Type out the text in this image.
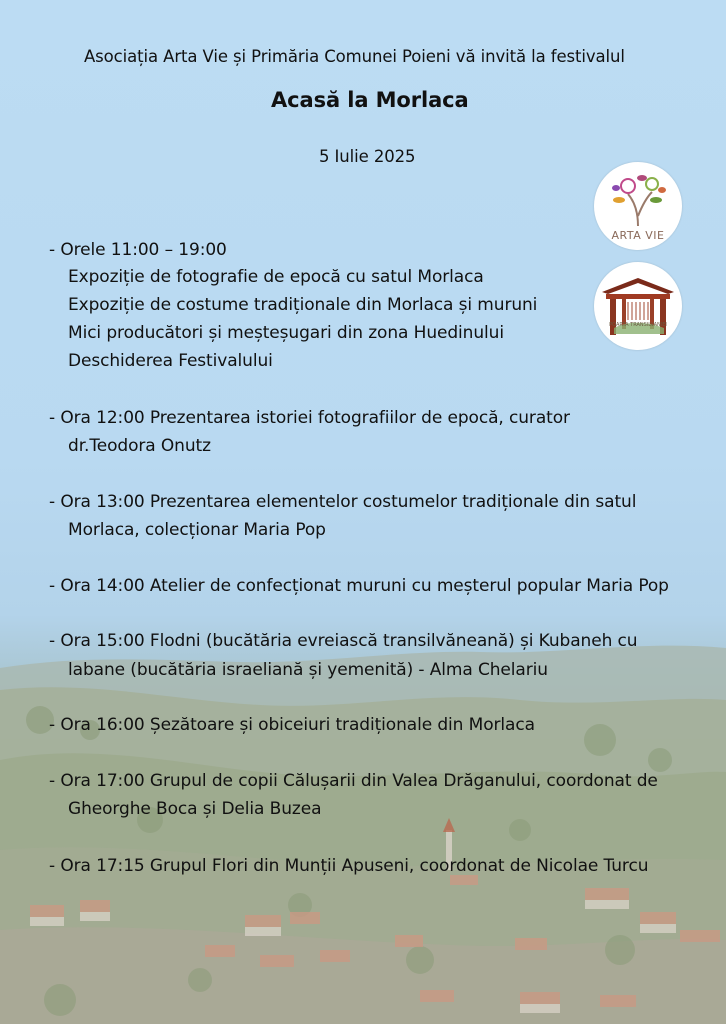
ARTA VIE
POARTA TRANSILVANIEI
Asociația Arta Vie și Primăria Comunei Poieni vă invită la festivalul
Acasă la Morlaca
5 Iulie 2025
- Orele 11:00 – 19:00
Expoziție de fotografie de epocă cu satul Morlaca
Expoziție de costume tradiționale din Morlaca și muruni
Mici producători și meșteșugari din zona Huedinului
Deschiderea Festivalului
- Ora 12:00 Prezentarea istoriei fotografiilor de epocă, curator
dr.Teodora Onutz
- Ora 13:00 Prezentarea elementelor costumelor tradiționale din satul
Morlaca, colecționar Maria Pop
- Ora 14:00 Atelier de confecționat muruni cu meșterul popular Maria Pop
- Ora 15:00 Flodni (bucătăria evreiască transilvăneană) și Kubaneh cu
labane (bucătăria israeliană și yemenită) - Alma Chelariu
- Ora 16:00 Șezătoare și obiceiuri tradiționale din Morlaca
- Ora 17:00 Grupul de copii Călușarii din Valea Drăganului, coordonat de
Gheorghe Boca și Delia Buzea
- Ora 17:15 Grupul Flori din Munții Apuseni, coordonat de Nicolae Turcu
